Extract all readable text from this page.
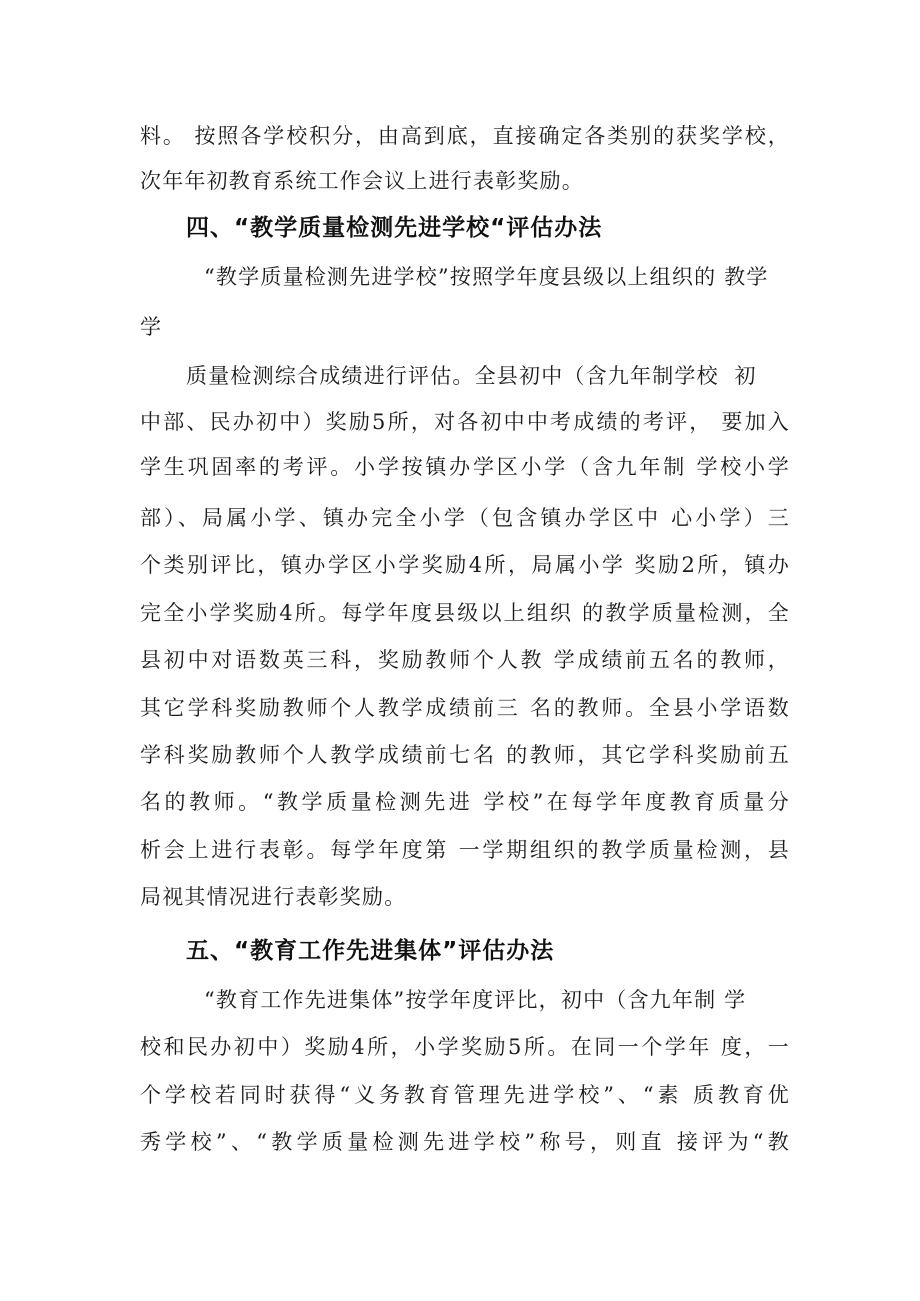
料。 按照各学校积分，由高到底，直接确定各类别的获奖学校，
次年年初教育系统工作会议上进行表彰奖励。
四、“教学质量检测先进学校“评估办法
“教学质量检测先进学校”按照学年度县级以上组织的 教学
学
质量检测综合成绩进行评估。全县初中（含九年制学校  初
中部、民办初中）奖励5所，对各初中中考成绩的考评， 要加入
学生巩固率的考评。小学按镇办学区小学（含九年制 学校小学
部）、局属小学、镇办完全小学（包含镇办学区中 心小学）三
个类别评比，镇办学区小学奖励4所，局属小学 奖励2所，镇办
完全小学奖励4所。每学年度县级以上组织 的教学质量检测，全
县初中对语数英三科，奖励教师个人教 学成绩前五名的教师，
其它学科奖励教师个人教学成绩前三 名的教师。全县小学语数
学科奖励教师个人教学成绩前七名 的教师，其它学科奖励前五
名的教师。“教学质量检测先进 学校”在每学年度教育质量分
析会上进行表彰。每学年度第 一学期组织的教学质量检测，县
局视其情况进行表彰奖励。
五、“教育工作先进集体”评估办法
“教育工作先进集体”按学年度评比，初中（含九年制 学
校和民办初中）奖励4所，小学奖励5所。在同一个学年 度，一
个学校若同时获得“义务教育管理先进学校”、“素 质教育优
秀学校”、“教学质量检测先进学校”称号，则直 接评为“教
